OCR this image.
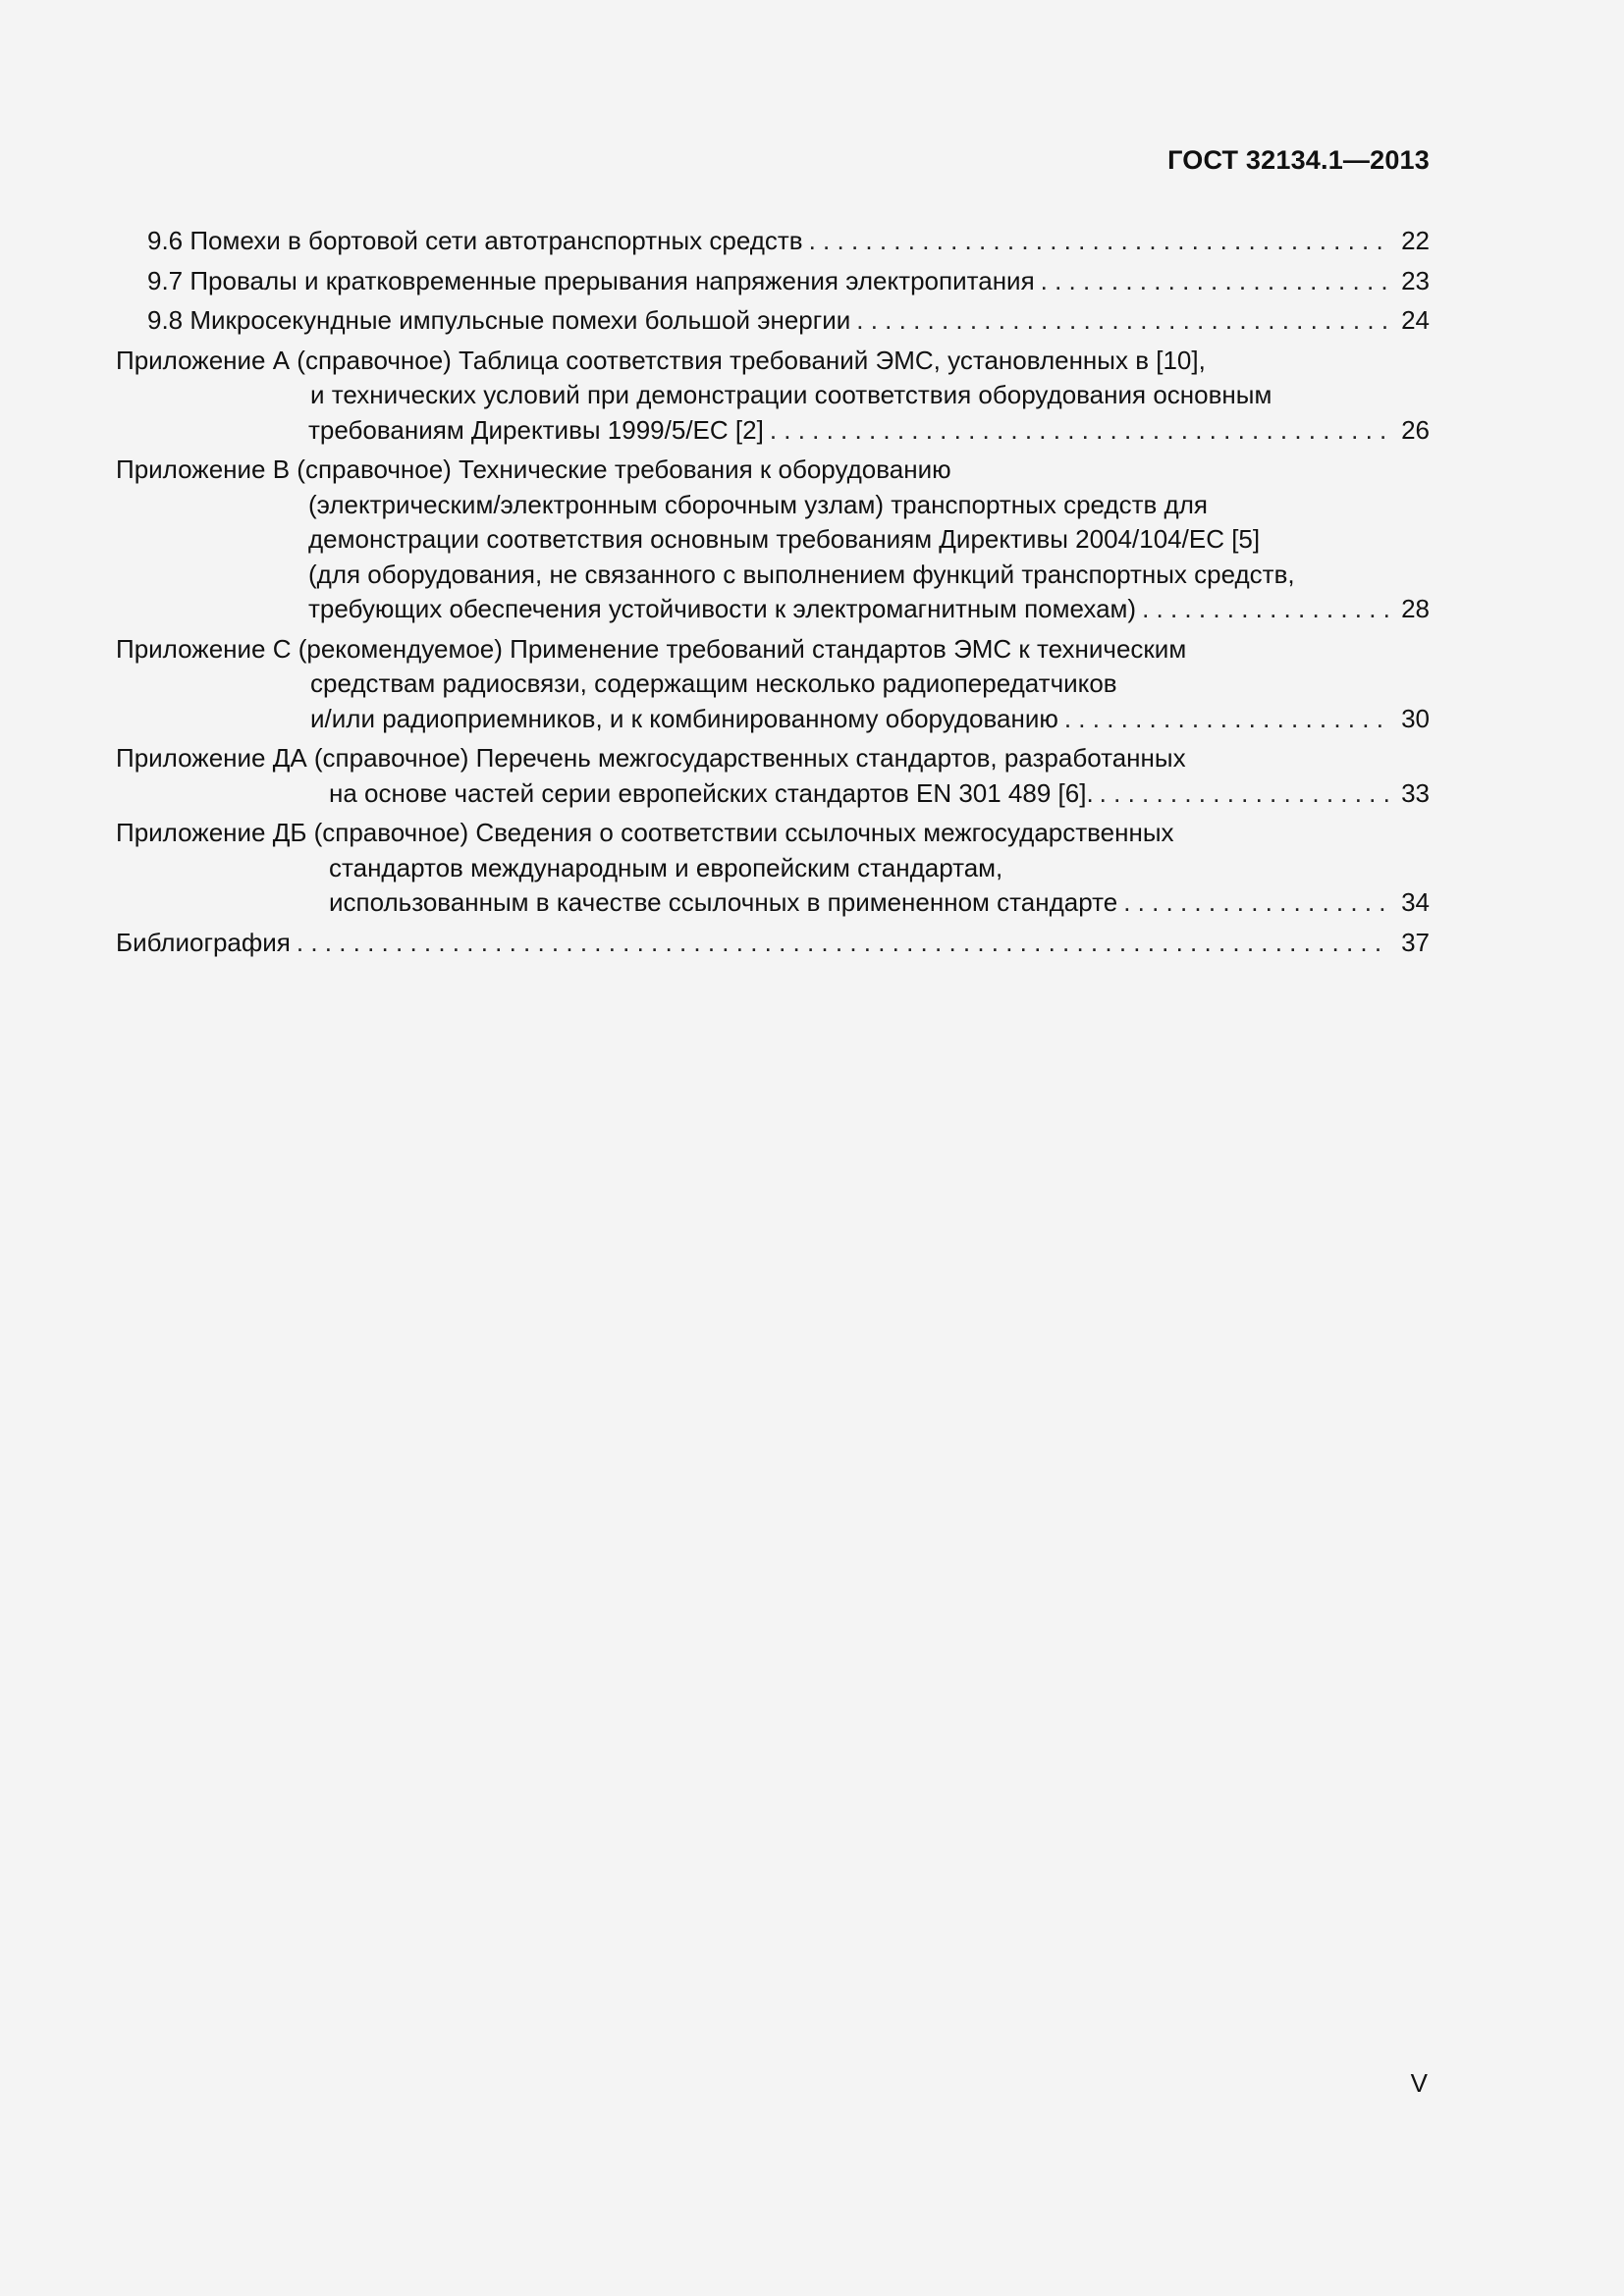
ГОСТ 32134.1—2013
9.6 Помехи в бортовой сети автотранспортных средств . . .	22
9.7 Провалы и кратковременные прерывания напряжения электропитания . . .	23
9.8 Микросекундные импульсные помехи большой энергии . . .	24
Приложение А (справочное) Таблица соответствия требований ЭМС, установленных в [10],
и технических условий при демонстрации соответствия оборудования основным
требованиям Директивы 1999/5/ЕС [2] . . .	26
Приложение В (справочное) Технические требования к оборудованию
(электрическим/электронным сборочным узлам) транспортных средств для
демонстрации соответствия основным требованиям Директивы 2004/104/ЕС [5]
(для оборудования, не связанного с выполнением функций транспортных средств,
требующих обеспечения устойчивости к электромагнитным помехам) . . .	28
Приложение С (рекомендуемое) Применение требований стандартов ЭМС к техническим
средствам радиосвязи, содержащим несколько радиопередатчиков
и/или радиоприемников, и к комбинированному оборудованию . . .	30
Приложение ДА (справочное) Перечень межгосударственных стандартов, разработанных
на основе частей серии европейских стандартов EN 301 489 [6]. . . .	33
Приложение ДБ (справочное) Сведения о соответствии ссылочных межгосударственных
стандартов международным и европейским стандартам,
использованным в качестве ссылочных в примененном стандарте . . .	34
Библиография . . .	37
V
